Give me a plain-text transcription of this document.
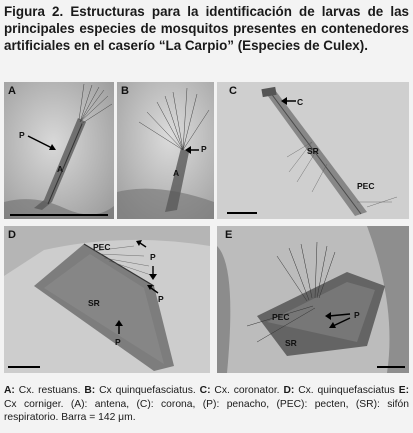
Figura 2. Estructuras para la identificación de larvas de las principales especies de mosquitos presentes en contenedores artificiales en el caserío “La Carpio” (Especies de Culex).
A
P
A
B
P
A
C
C
SR
PEC
D
PEC
P
P
SR
P
E
PEC	P
SR
A: Cx. restuans. B: Cx quinquefasciatus. C: Cx. coronator. D: Cx. quinquefasciatus E: Cx corniger. (A): antena, (C): corona, (P): penacho, (PEC): pecten, (SR): sifón respiratorio. Barra = 142 μm.
